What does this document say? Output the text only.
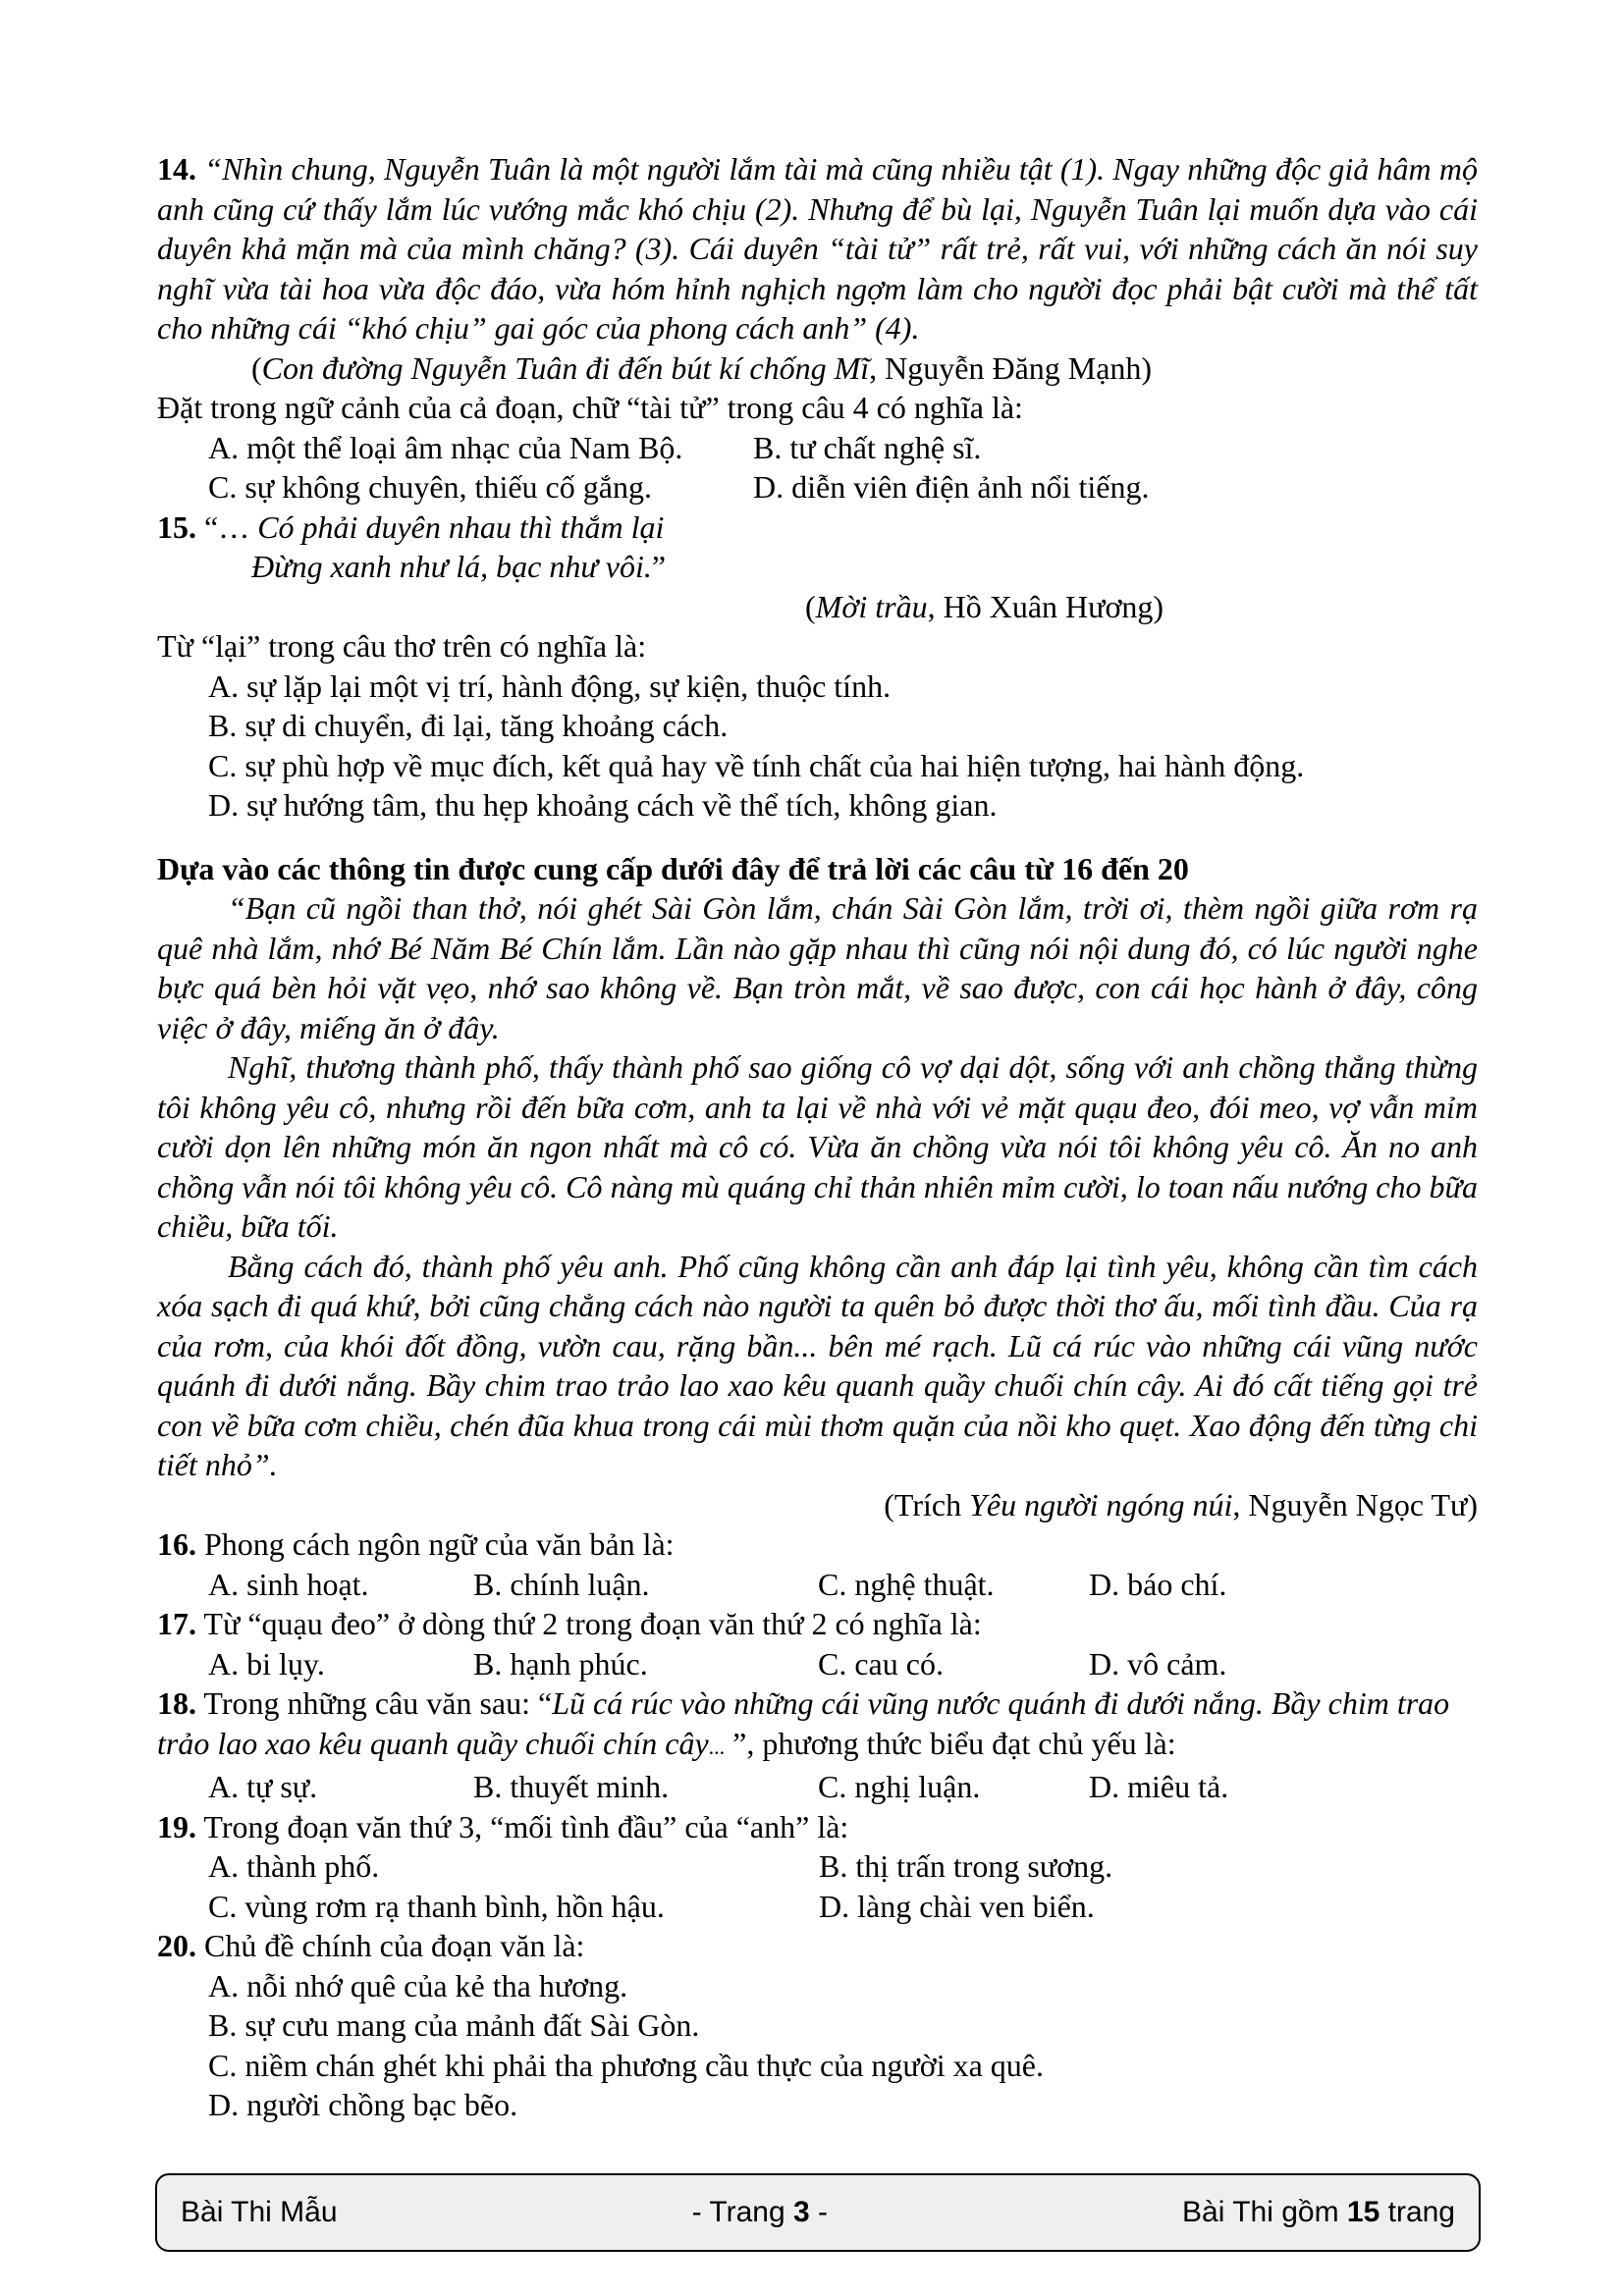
14. “Nhìn chung, Nguyễn Tuân là một người lắm tài mà cũng nhiều tật (1). Ngay những độc giả hâm mộ anh cũng cứ thấy lắm lúc vướng mắc khó chịu (2). Nhưng để bù lại, Nguyễn Tuân lại muốn dựa vào cái duyên khả mặn mà của mình chăng? (3). Cái duyên “tài tử” rất trẻ, rất vui, với những cách ăn nói suy nghĩ vừa tài hoa vừa độc đáo, vừa hóm hỉnh nghịch ngợm làm cho người đọc phải bật cười mà thể tất cho những cái “khó chịu” gai góc của phong cách anh” (4).

(Con đường Nguyễn Tuân đi đến bút kí chống Mĩ, Nguyễn Đăng Mạnh)
Đặt trong ngữ cảnh của cả đoạn, chữ “tài tử” trong câu 4 có nghĩa là:
A. một thể loại âm nhạc của Nam Bộ.	B. tư chất nghệ sĩ.
C. sự không chuyên, thiếu cố gắng.	D. diễn viên điện ảnh nổi tiếng.
15. “… Có phải duyên nhau thì thắm lại
Đừng xanh như lá, bạc như vôi.”
(Mời trầu, Hồ Xuân Hương)
Từ “lại” trong câu thơ trên có nghĩa là:
A. sự lặp lại một vị trí, hành động, sự kiện, thuộc tính.
B. sự di chuyển, đi lại, tăng khoảng cách.
C. sự phù hợp về mục đích, kết quả hay về tính chất của hai hiện tượng, hai hành động.
D. sự hướng tâm, thu hẹp khoảng cách về thể tích, không gian.
Dựa vào các thông tin được cung cấp dưới đây để trả lời các câu từ 16 đến 20

“Bạn cũ ngồi than thở, nói ghét Sài Gòn lắm, chán Sài Gòn lắm, trời ơi, thèm ngồi giữa rơm rạ quê nhà lắm, nhớ Bé Năm Bé Chín lắm. Lần nào gặp nhau thì cũng nói nội dung đó, có lúc người nghe bực quá bèn hỏi vặt vẹo, nhớ sao không về. Bạn tròn mắt, về sao được, con cái học hành ở đây, công việc ở đây, miếng ăn ở đây.

Nghĩ, thương thành phố, thấy thành phố sao giống cô vợ dại dột, sống với anh chồng thẳng thừng tôi không yêu cô, nhưng rồi đến bữa cơm, anh ta lại về nhà với vẻ mặt quạu đeo, đói meo, vợ vẫn mỉm cười dọn lên những món ăn ngon nhất mà cô có. Vừa ăn chồng vừa nói tôi không yêu cô. Ăn no anh chồng vẫn nói tôi không yêu cô. Cô nàng mù quáng chỉ thản nhiên mỉm cười, lo toan nấu nướng cho bữa chiều, bữa tối.

Bằng cách đó, thành phố yêu anh. Phố cũng không cần anh đáp lại tình yêu, không cần tìm cách xóa sạch đi quá khứ, bởi cũng chẳng cách nào người ta quên bỏ được thời thơ ấu, mối tình đầu. Của rạ của rơm, của khói đốt đồng, vườn cau, rặng bần... bên mé rạch. Lũ cá rúc vào những cái vũng nước quánh đi dưới nắng. Bầy chim trao trảo lao xao kêu quanh quầy chuối chín cây. Ai đó cất tiếng gọi trẻ con về bữa cơm chiều, chén đũa khua trong cái mùi thơm quặn của nồi kho quẹt. Xao động đến từng chi tiết nhỏ”.

(Trích Yêu người ngóng núi, Nguyễn Ngọc Tư)
16. Phong cách ngôn ngữ của văn bản là:
A. sinh hoạt.	B. chính luận.	C. nghệ thuật.	D. báo chí.
17. Từ “quạu đeo” ở dòng thứ 2 trong đoạn văn thứ 2 có nghĩa là:
A. bi lụy.	B. hạnh phúc.	C. cau có.	D. vô cảm.
18. Trong những câu văn sau: “Lũ cá rúc vào những cái vũng nước quánh đi dưới nắng. Bầy chim trao trảo lao xao kêu quanh quầy chuối chín cây... ”, phương thức biểu đạt chủ yếu là:
A. tự sự.	B. thuyết minh.	C. nghị luận.	D. miêu tả.
19. Trong đoạn văn thứ 3, “mối tình đầu” của “anh” là:
A. thành phố.	B. thị trấn trong sương.
C. vùng rơm rạ thanh bình, hồn hậu.	D. làng chài ven biển.
20. Chủ đề chính của đoạn văn là:
A. nỗi nhớ quê của kẻ tha hương.
B. sự cưu mang của mảnh đất Sài Gòn.
C. niềm chán ghét khi phải tha phương cầu thực của người xa quê.
D. người chồng bạc bẽo.
Bài Thi Mẫu	- Trang 3 -	Bài Thi gồm 15 trang
